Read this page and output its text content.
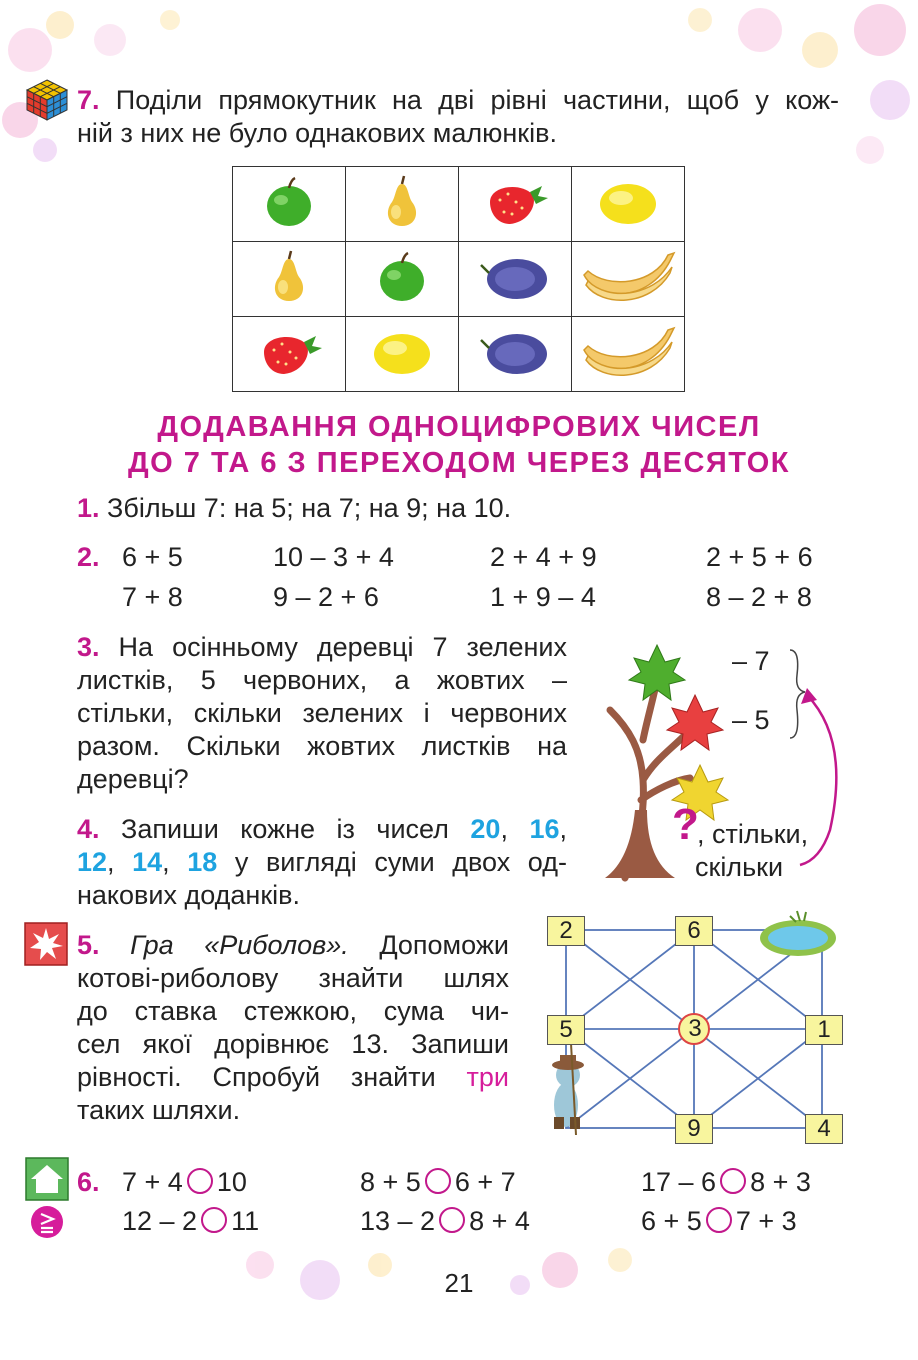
7. Поділи прямокутник на дві рівні частини, щоб у кож-
ній з них не було однакових малюнків.

ДОДАВАННЯ ОДНОЦИФРОВИХ ЧИСЕЛ
ДО 7 ТА 6 З ПЕРЕХОДОМ ЧЕРЕЗ ДЕСЯТОК
1. Збільш 7: на 5; на 7; на 9; на 10.
2. 6 + 5	10 – 3 + 4	2 + 4 + 9	2 + 5 + 6
7 + 8	9 – 2 + 6	1 + 9 – 4	8 – 2 + 8
3. На осінньому деревці 7 зелених
листків, 5 червоних, а жовтих –
стільки, скільки зелених і червоних
разом. Скільки жовтих листків на
деревці?
– 7
– 5
?
, стільки,
скільки
4. Запиши кожне із чисел 20, 16,
12, 14, 18 у вигляді суми двох од-
накових доданків.
5. Гра «Риболов». Допоможи
котові-риболову знайти шлях
до ставка стежкою, сума чи-
сел якої дорівнює 13. Запиши
рівності. Спробуй знайти три
таких шляхи.
2	6
5	3	1
9	4
6. 7 + 4 10	8 + 5 6 + 7	17 – 6 8 + 3
12 – 2 11	13 – 2 8 + 4	6 + 5 7 + 3
21
